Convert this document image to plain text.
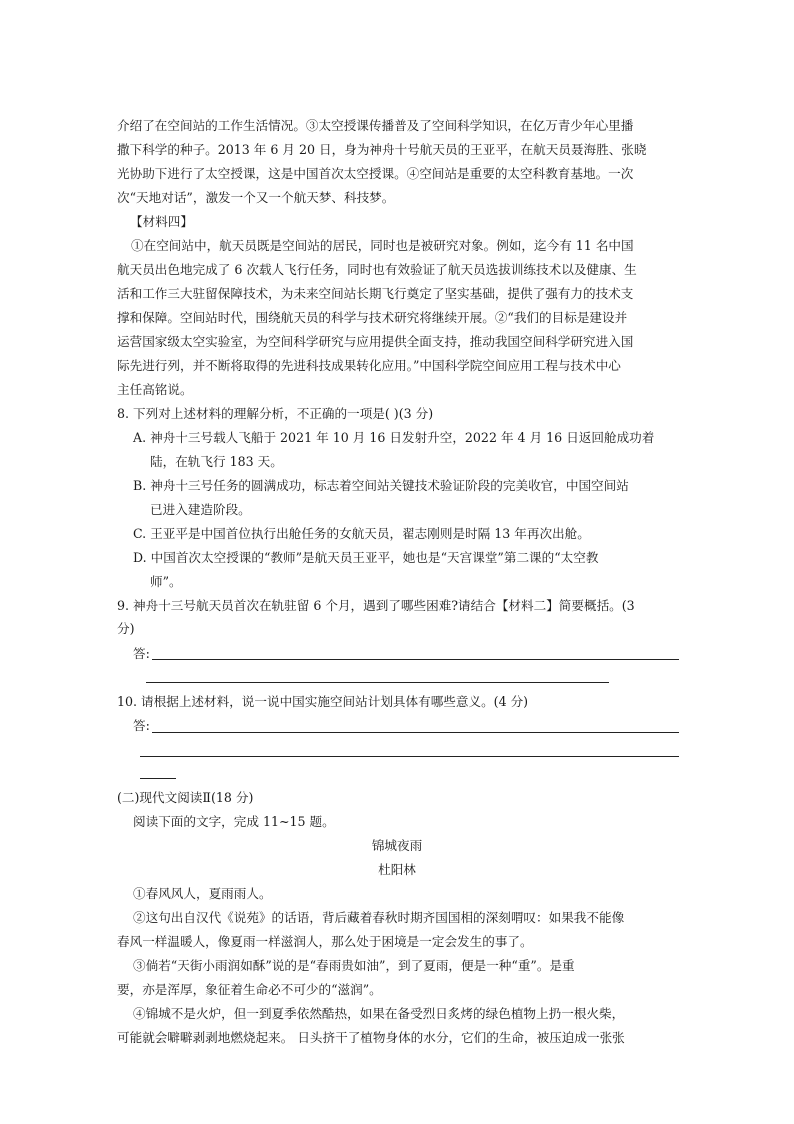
介绍了在空间站的工作生活情况。③太空授课传播普及了空间科学知识，在亿万青少年心里播
撒下科学的种子。2013 年 6 月 20 日，身为神舟十号航天员的王亚平，在航天员聂海胜、张晓
光协助下进行了太空授课，这是中国首次太空授课。④空间站是重要的太空科教育基地。一次
次“天地对话”，激发一个又一个航天梦、科技梦。
【材料四】
①在空间站中，航天员既是空间站的居民，同时也是被研究对象。例如，迄今有 11 名中国
航天员出色地完成了 6 次载人飞行任务，同时也有效验证了航天员选拔训练技术以及健康、生
活和工作三大驻留保障技术，为未来空间站长期飞行奠定了坚实基础，提供了强有力的技术支
撑和保障。空间站时代，围绕航天员的科学与技术研究将继续开展。②“我们的目标是建设并
运营国家级太空实验室，为空间科学研究与应用提供全面支持，推动我国空间科学研究进入国
际先进行列，并不断将取得的先进科技成果转化应用。”中国科学院空间应用工程与技术中心
主任高铭说。
8. 下列对上述材料的理解分析，不正确的一项是( )(3 分)
A. 神舟十三号载人飞船于 2021 年 10 月 16 日发射升空，2022 年 4 月 16 日返回舱成功着
陆，在轨飞行 183 天。
B. 神舟十三号任务的圆满成功，标志着空间站关键技术验证阶段的完美收官，中国空间站
已进入建造阶段。
C. 王亚平是中国首位执行出舱任务的女航天员，翟志刚则是时隔 13 年再次出舱。
D. 中国首次太空授课的“教师”是航天员王亚平，她也是“天宫课堂”第二课的“太空教
师”。
9. 神舟十三号航天员首次在轨驻留 6 个月，遇到了哪些困难?请结合【材料二】简要概括。(3
分)
答:
10. 请根据上述材料，说一说中国实施空间站计划具体有哪些意义。(4 分)
答:
(二)现代文阅读Ⅱ(18 分)
阅读下面的文字，完成 11~15 题。
锦城夜雨
杜阳林
①春风风人，夏雨雨人。
②这句出自汉代《说苑》的话语，背后藏着春秋时期齐国国相的深刻喟叹：如果我不能像
春风一样温暖人，像夏雨一样滋润人，那么处于困境是一定会发生的事了。
③倘若“天街小雨润如酥”说的是“春雨贵如油”，到了夏雨，便是一种“重”。是重
要，亦是浑厚，象征着生命必不可少的“滋润”。
④锦城不是火炉，但一到夏季依然酷热，如果在备受烈日炙烤的绿色植物上扔一根火柴，
可能就会噼噼剥剥地燃烧起来。 日头挤干了植物身体的水分，它们的生命，被压迫成一张张
